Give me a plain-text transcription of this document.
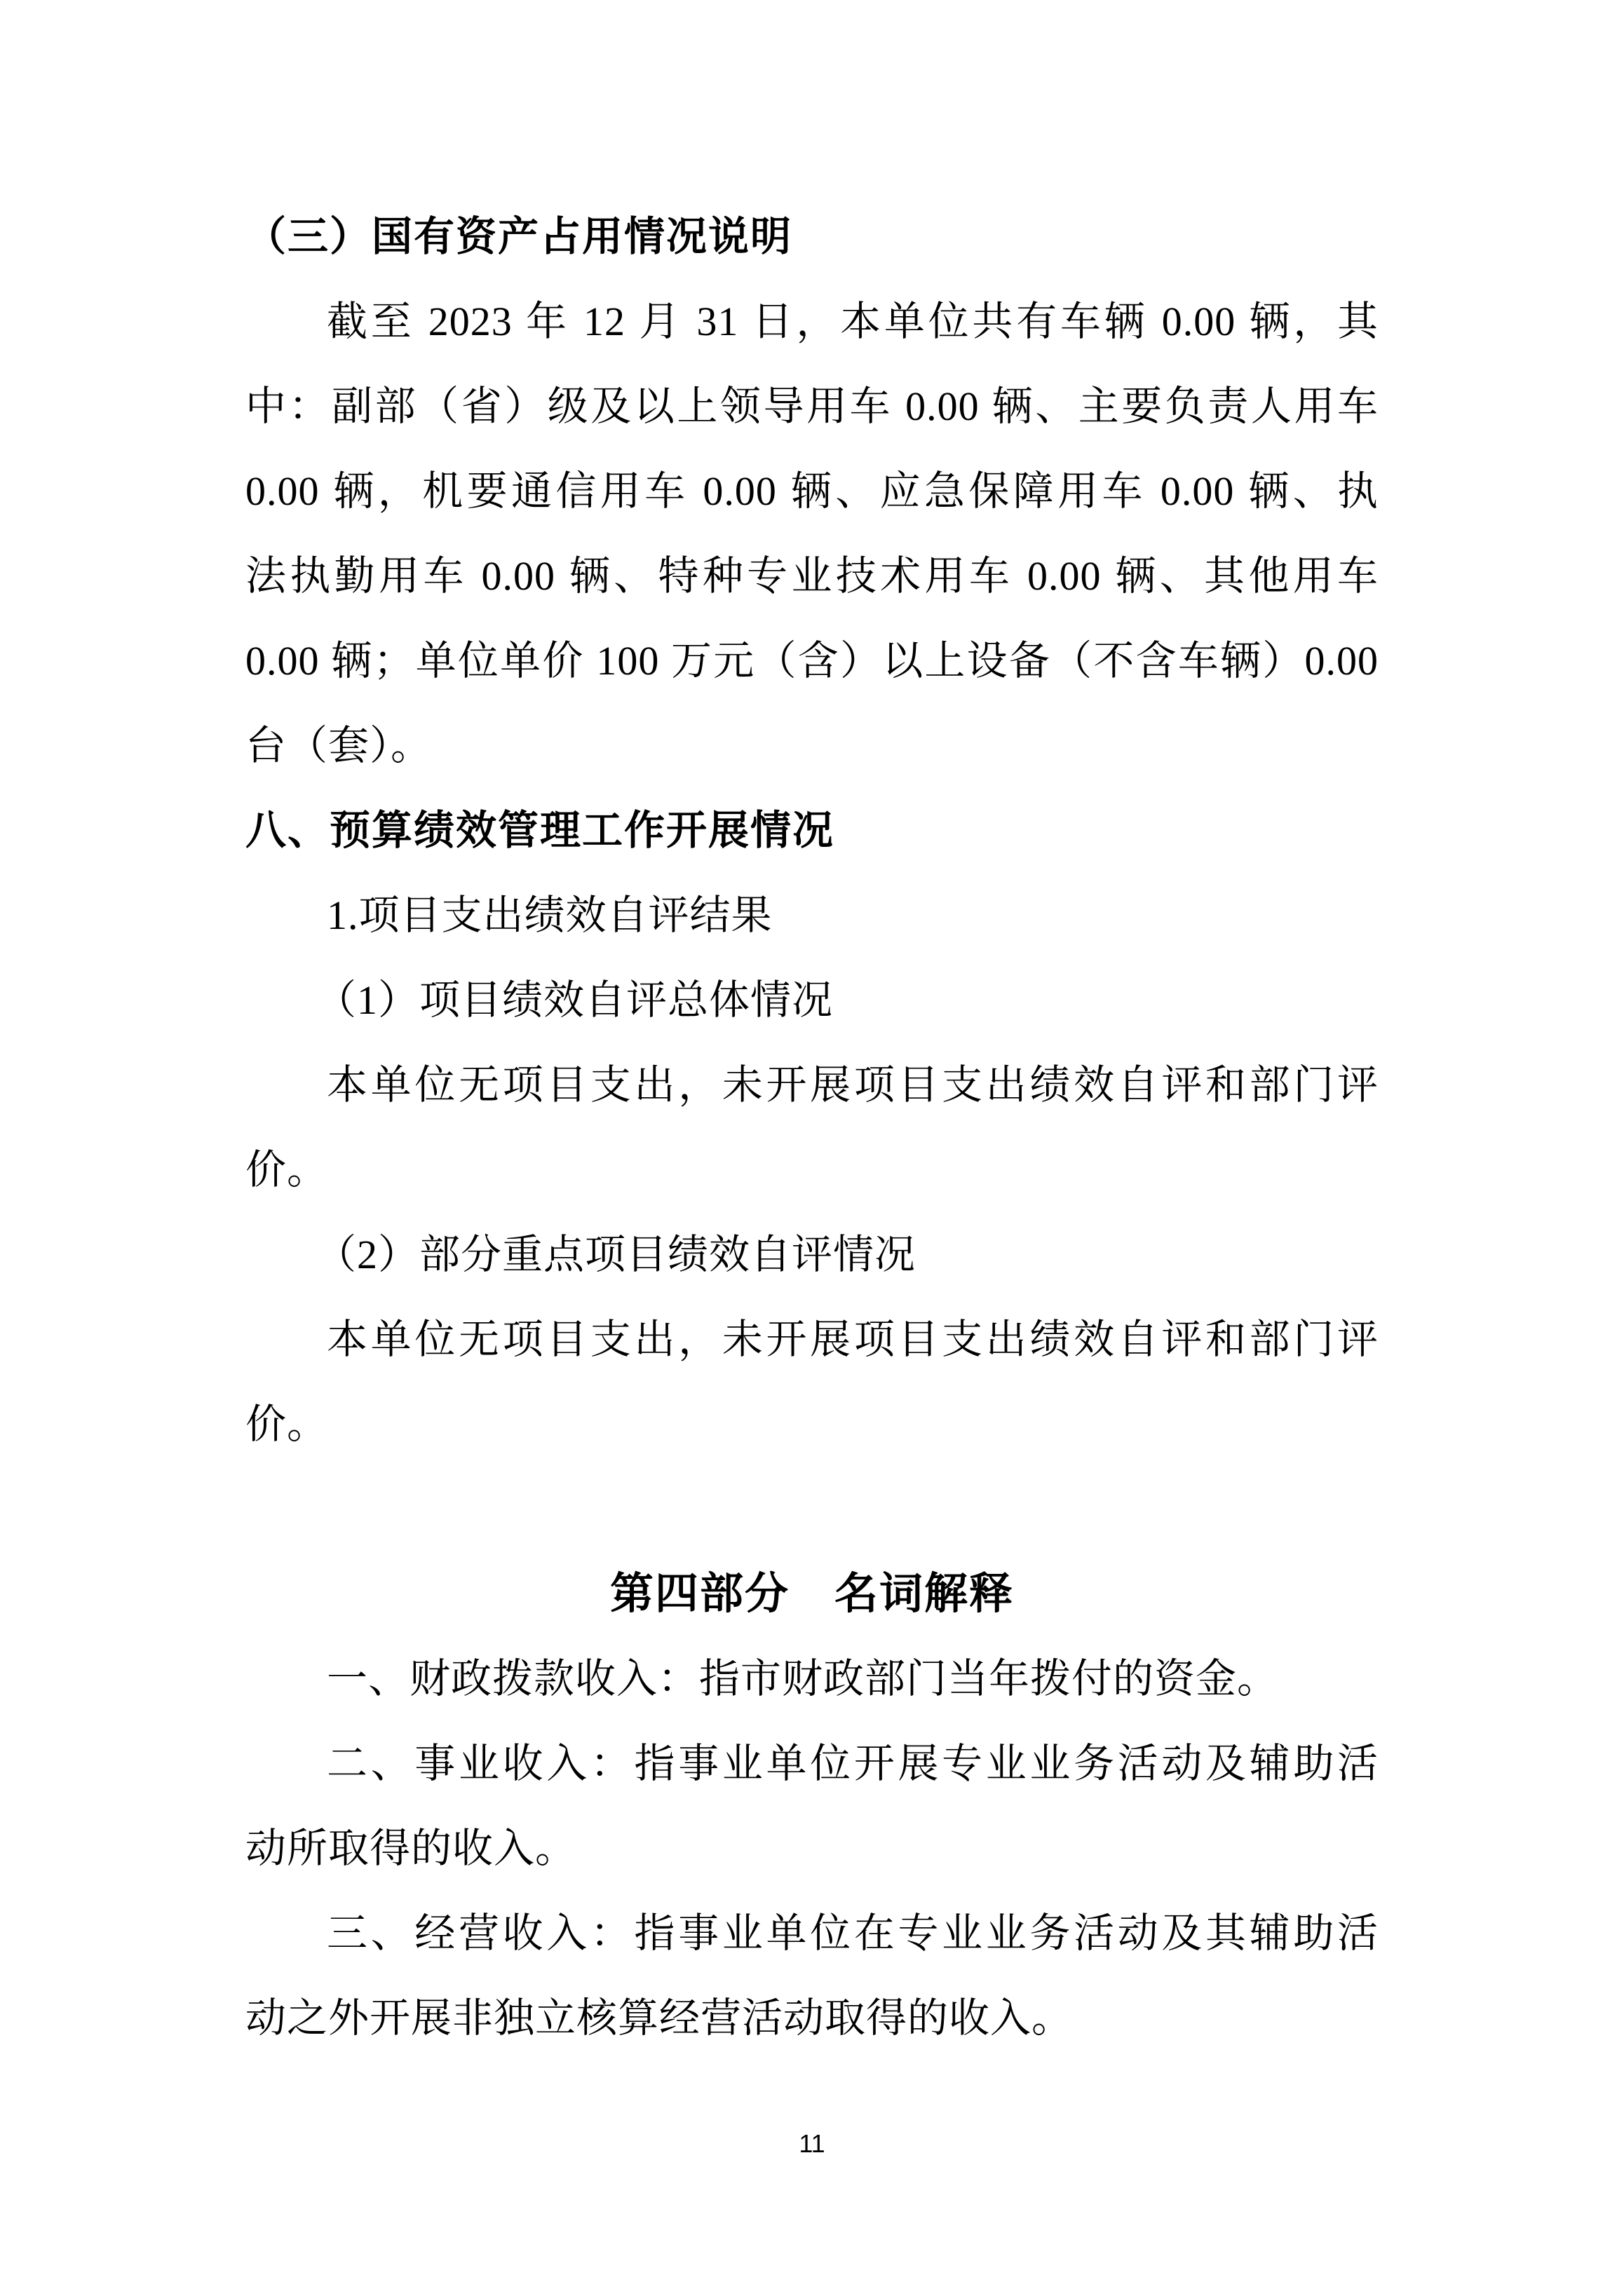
（三）国有资产占用情况说明
截至 2023 年 12 月 31 日，本单位共有车辆 0.00 辆，其
中：副部（省）级及以上领导用车 0.00 辆、主要负责人用车
0.00 辆，机要通信用车 0.00 辆、应急保障用车 0.00 辆、执
法执勤用车 0.00 辆、特种专业技术用车 0.00 辆、其他用车
0.00 辆；单位单价 100 万元（含）以上设备（不含车辆）0.00
台（套）。
八、预算绩效管理工作开展情况
1.项目支出绩效自评结果
（1）项目绩效自评总体情况
本单位无项目支出，未开展项目支出绩效自评和部门评
价。
（2）部分重点项目绩效自评情况
本单位无项目支出，未开展项目支出绩效自评和部门评
价。
第四部分　名词解释
一、财政拨款收入：指市财政部门当年拨付的资金。
二、事业收入：指事业单位开展专业业务活动及辅助活
动所取得的收入。
三、经营收入：指事业单位在专业业务活动及其辅助活
动之外开展非独立核算经营活动取得的收入。
11
